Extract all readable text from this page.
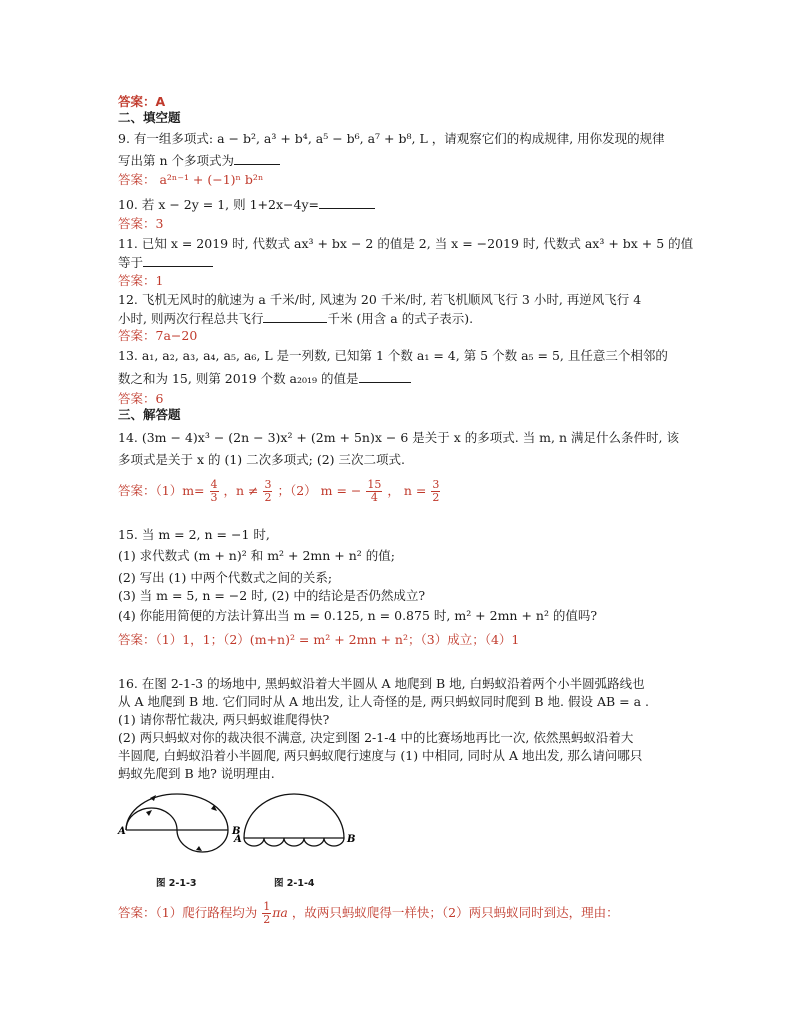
答案：A
二、填空题
9. 有一组多项式: a − b², a³ + b⁴, a⁵ − b⁶, a⁷ + b⁸, L ，请观察它们的构成规律, 用你发现的规律
写出第 n 个多项式为
答案： a²ⁿ⁻¹ + (−1)ⁿ b²ⁿ
10. 若 x − 2y = 1, 则 1+2x−4y=
答案：3
11. 已知 x = 2019 时, 代数式 ax³ + bx − 2 的值是 2, 当 x = −2019 时, 代数式 ax³ + bx + 5 的值
等于
答案：1
12. 飞机无风时的航速为 a 千米/时, 风速为 20 千米/时, 若飞机顺风飞行 3 小时, 再逆风飞行 4
小时, 则两次行程总共飞行	千米 (用含 a 的式子表示).
答案：7a−20
13. a₁, a₂, a₃, a₄, a₅, a₆, L 是一列数, 已知第 1 个数 a₁ = 4, 第 5 个数 a₅ = 5, 且任意三个相邻的
数之和为 15, 则第 2019 个数 a₂₀₁₉ 的值是
答案：6
三、解答题
14. (3m − 4)x³ − (2n − 3)x² + (2m + 5n)x − 6 是关于 x 的多项式. 当 m, n 满足什么条件时, 该
多项式是关于 x 的 (1) 二次多项式; (2) 三次二项式.
答案：$(1)m= \frac{4}{3}$ ，$n \ne \frac{3}{2}$ ；（2） m = − $\frac{15}{4}$ ， $n = \frac{3}{2}$
15. 当 m = 2, n = −1 时,
(1) 求代数式 (m + n)² 和 m² + 2mn + n² 的值;
(2) 写出 (1) 中两个代数式之间的关系;
(3) 当 m = 5, n = −2 时, (2) 中的结论是否仍然成立?
(4) 你能用简便的方法计算出当 m = 0.125, n = 0.875 时, m² + 2mn + n² 的值吗?
答案：（1）1，1；（2）(m+n)² = m² + 2mn + n²；（3）成立；（4）1
16. 在图 2-1-3 的场地中, 黑蚂蚁沿着大半圆从 A 地爬到 B 地, 白蚂蚁沿着两个小半圆弧路线也
从 A 地爬到 B 地. 它们同时从 A 地出发, 让人奇怪的是, 两只蚂蚁同时爬到 B 地. 假设 AB = a .
(1) 请你帮忙裁决, 两只蚂蚁谁爬得快?
(2) 两只蚂蚁对你的裁决很不满意, 决定到图 2-1-4 中的比赛场地再比一次, 依然黑蚂蚁沿着大
半圆爬, 白蚂蚁沿着小半圆爬, 两只蚂蚁爬行速度与 (1) 中相同, 同时从 A 地出发, 那么请问哪只
蚂蚁先爬到 B 地? 说明理由.
A	B
图 2-1-3
A	B
图 2-1-4
答案：（1）爬行路程均为 $\frac{1}{2}$ πa ，故两只蚂蚁爬得一样快；（2）两只蚂蚁同时到达，理由：
